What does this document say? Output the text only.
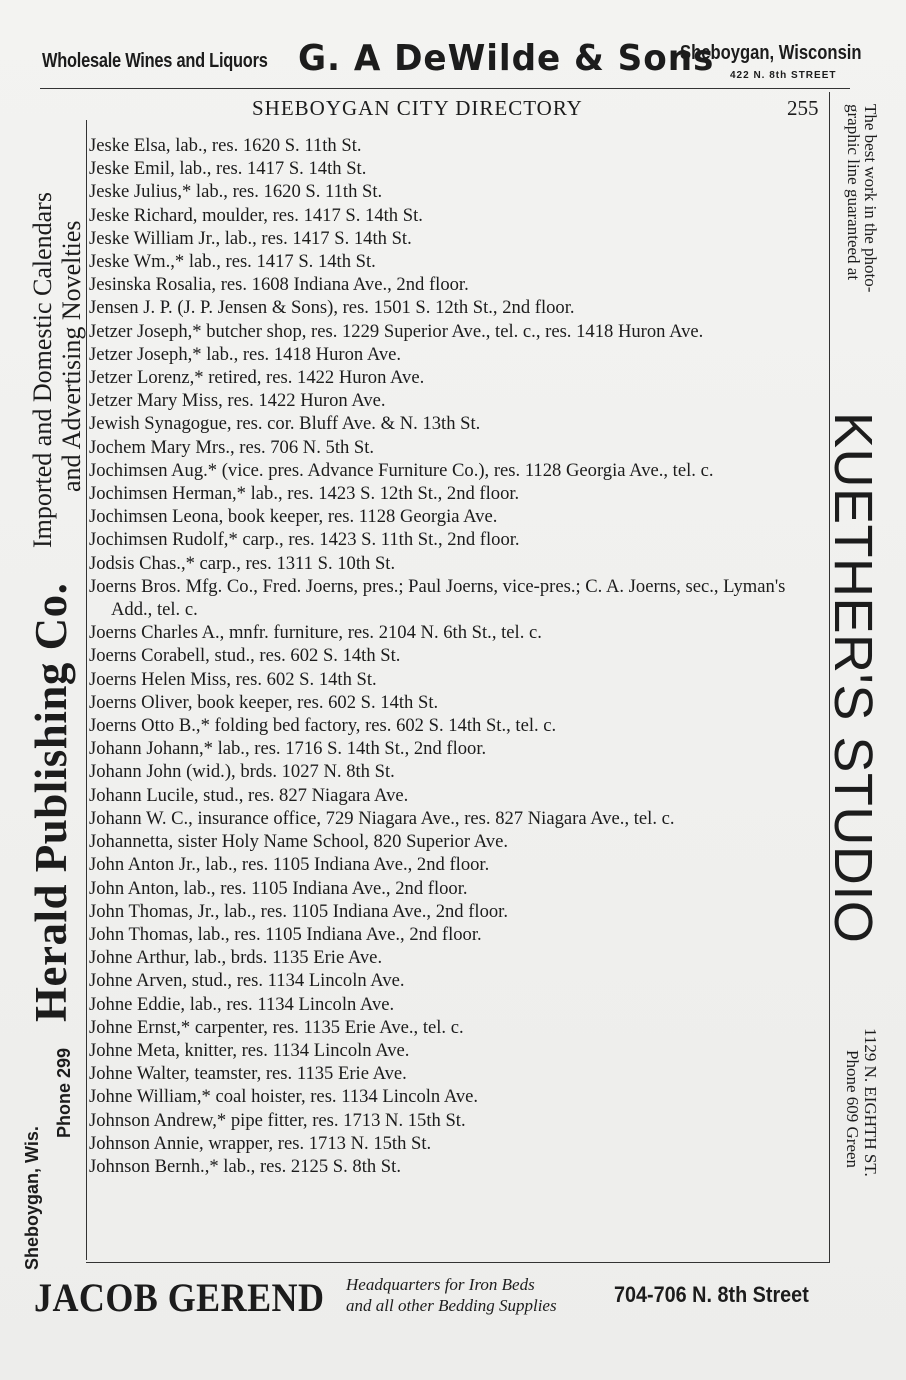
Wholesale Wines and Liquors G. A DeWilde & Sons
Sheboygan, Wisconsin
422 N. 8th STREET
Imported and Domestic Calendars and Advertising Novelties
Herald Publishing Co.
Sheboygan, Wis.
Phone 299
The best work in the photo-
graphic line guaranteed at
KUETHER'S STUDIO
1129 N. EIGHTH ST.
Phone 609 Green
SHEBOYGAN CITY DIRECTORY	255
Jeske Elsa, lab., res. 1620 S. 11th St.
Jeske Emil, lab., res. 1417 S. 14th St.
Jeske Julius,* lab., res. 1620 S. 11th St.
Jeske Richard, moulder, res. 1417 S. 14th St.
Jeske William Jr., lab., res. 1417 S. 14th St.
Jeske Wm.,* lab., res. 1417 S. 14th St.
Jesinska Rosalia, res. 1608 Indiana Ave., 2nd floor.
Jensen J. P. (J. P. Jensen & Sons), res. 1501 S. 12th St., 2nd floor.
Jetzer Joseph,* butcher shop, res. 1229 Superior Ave., tel. c., res. 1418 Huron Ave.
Jetzer Joseph,* lab., res. 1418 Huron Ave.
Jetzer Lorenz,* retired, res. 1422 Huron Ave.
Jetzer Mary Miss, res. 1422 Huron Ave.
Jewish Synagogue, res. cor. Bluff Ave. & N. 13th St.
Jochem Mary Mrs., res. 706 N. 5th St.
Jochimsen Aug.* (vice. pres. Advance Furniture Co.), res. 1128 Georgia Ave., tel. c.
Jochimsen Herman,* lab., res. 1423 S. 12th St., 2nd floor.
Jochimsen Leona, book keeper, res. 1128 Georgia Ave.
Jochimsen Rudolf,* carp., res. 1423 S. 11th St., 2nd floor.
Jodsis Chas.,* carp., res. 1311 S. 10th St.
Joerns Bros. Mfg. Co., Fred. Joerns, pres.; Paul Joerns, vice-pres.; C. A. Joerns, sec., Lyman's Add., tel. c.
Joerns Charles A., mnfr. furniture, res. 2104 N. 6th St., tel. c.
Joerns Corabell, stud., res. 602 S. 14th St.
Joerns Helen Miss, res. 602 S. 14th St.
Joerns Oliver, book keeper, res. 602 S. 14th St.
Joerns Otto B.,* folding bed factory, res. 602 S. 14th St., tel. c.
Johann Johann,* lab., res. 1716 S. 14th St., 2nd floor.
Johann John (wid.), brds. 1027 N. 8th St.
Johann Lucile, stud., res. 827 Niagara Ave.
Johann W. C., insurance office, 729 Niagara Ave., res. 827 Niagara Ave., tel. c.
Johannetta, sister Holy Name School, 820 Superior Ave.
John Anton Jr., lab., res. 1105 Indiana Ave., 2nd floor.
John Anton, lab., res. 1105 Indiana Ave., 2nd floor.
John Thomas, Jr., lab., res. 1105 Indiana Ave., 2nd floor.
John Thomas, lab., res. 1105 Indiana Ave., 2nd floor.
Johne Arthur, lab., brds. 1135 Erie Ave.
Johne Arven, stud., res. 1134 Lincoln Ave.
Johne Eddie, lab., res. 1134 Lincoln Ave.
Johne Ernst,* carpenter, res. 1135 Erie Ave., tel. c.
Johne Meta, knitter, res. 1134 Lincoln Ave.
Johne Walter, teamster, res. 1135 Erie Ave.
Johne William,* coal hoister, res. 1134 Lincoln Ave.
Johnson Andrew,* pipe fitter, res. 1713 N. 15th St.
Johnson Annie, wrapper, res. 1713 N. 15th St.
Johnson Bernh.,* lab., res. 2125 S. 8th St.
JACOB GEREND Headquarters for Iron Beds
and all other Bedding Supplies	704-706 N. 8th Street
